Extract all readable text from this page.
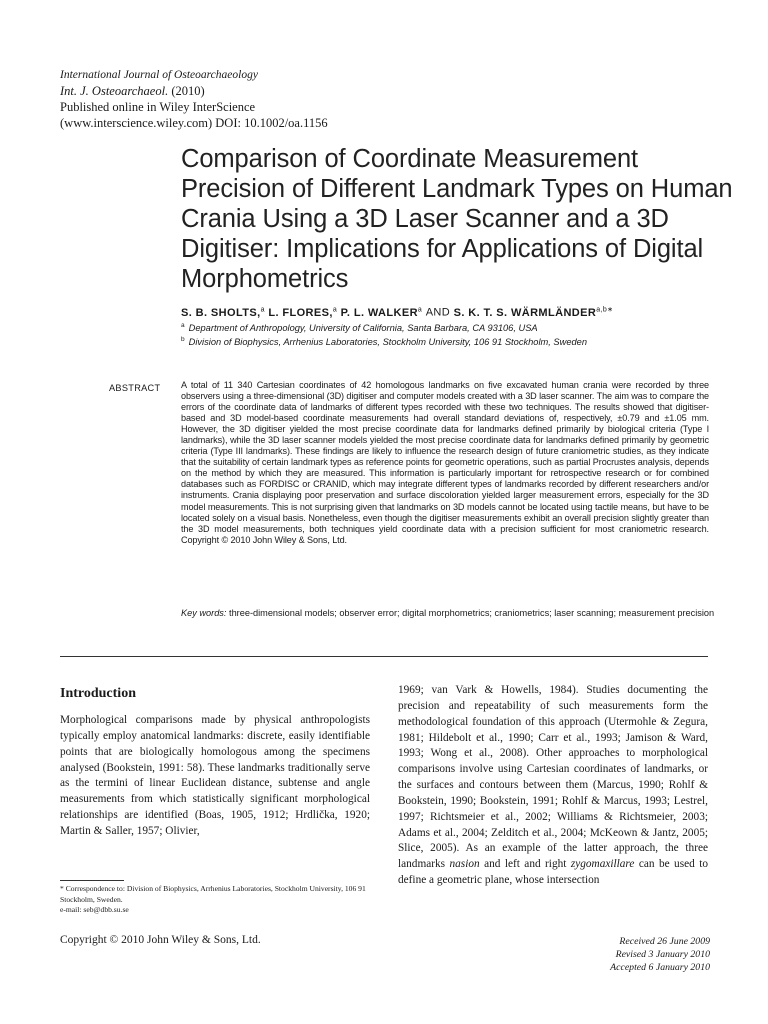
International Journal of Osteoarchaeology
Int. J. Osteoarchaeol. (2010)
Published online in Wiley InterScience
(www.interscience.wiley.com) DOI: 10.1002/oa.1156
Comparison of Coordinate Measurement Precision of Different Landmark Types on Human Crania Using a 3D Laser Scanner and a 3D Digitiser: Implications for Applications of Digital Morphometrics
S. B. SHOLTS,$^a$ L. FLORES,$^a$ P. L. WALKER$^a$ AND S. K. T. S. $WÄRMLÄNDER^{a,b∗}$
$^a$ Department of Anthropology, University of California, Santa Barbara, CA 93106, USA
$^b$ Division of Biophysics, Arrhenius Laboratories, Stockholm University, 106 91 Stockholm, Sweden
ABSTRACT A total of 11 340 Cartesian coordinates of 42 homologous landmarks on five excavated human crania were recorded by three observers using a three-dimensional (3D) digitiser and computer models created with a 3D laser scanner. The aim was to compare the errors of the coordinate data of landmarks of different types recorded with these two techniques. The results showed that digitiser-based and 3D model-based coordinate measurements had overall standard deviations of, respectively, ±0.79 and ±1.05 mm. However, the 3D digitiser yielded the most precise coordinate data for landmarks defined primarily by biological criteria (Type I landmarks), while the 3D laser scanner models yielded the most precise coordinate data for landmarks defined primarily by geometric criteria (Type III landmarks). These findings are likely to influence the research design of future craniometric studies, as they indicate that the suitability of certain landmark types as reference points for geometric operations, such as partial Procrustes analysis, depends on the method by which they are measured. This information is particularly important for retrospective research or for combined databases such as FORDISC or CRANID, which may integrate different types of landmarks recorded by different researchers and/or instruments. Crania displaying poor preservation and surface discoloration yielded larger measurement errors, especially for the 3D model measurements. This is not surprising given that landmarks on 3D models cannot be located using tactile means, but have to be located solely on a visual basis. Nonetheless, even though the digitiser measurements exhibit an overall precision slightly greater than the 3D model measurements, both techniques yield coordinate data with a precision sufficient for most craniometric research. Copyright © 2010 John Wiley & Sons, Ltd.
Key words: three-dimensional models; observer error; digital morphometrics; craniometrics; laser scanning; measurement precision
Introduction
Morphological comparisons made by physical anthropologists typically employ anatomical landmarks: discrete, easily identifiable points that are biologically homologous among the specimens analysed (Bookstein, 1991: 58). These landmarks traditionally serve as the termini of linear Euclidean distance, subtense and angle measurements from which statistically significant morphological relationships are identified (Boas, 1905, 1912; Hrdlička, 1920; Martin & Saller, 1957; Olivier,
1969; van Vark & Howells, 1984). Studies documenting the precision and repeatability of such measurements form the methodological foundation of this approach (Utermohle & Zegura, 1981; Hildebolt et al., 1990; Carr et al., 1993; Jamison & Ward, 1993; Wong et al., 2008). Other approaches to morphological comparisons involve using Cartesian coordinates of landmarks, or the surfaces and contours between them (Marcus, 1990; Rohlf & Bookstein, 1990; Bookstein, 1991; Rohlf & Marcus, 1993; Lestrel, 1997; Richtsmeier et al., 2002; Williams & Richtsmeier, 2003; Adams et al., 2004; Zelditch et al., 2004; McKeown & Jantz, 2005; Slice, 2005). As an example of the latter approach, the three landmarks nasion and left and right zygomaxillare can be used to define a geometric plane, whose intersection
* Correspondence to: Division of Biophysics, Arrhenius Laboratories, Stockholm University, 106 91 Stockholm, Sweden.
e-mail: seb@dbb.su.se
Copyright © 2010 John Wiley & Sons, Ltd.	Received 26 June 2009
Revised 3 January 2010
Accepted 6 January 2010
